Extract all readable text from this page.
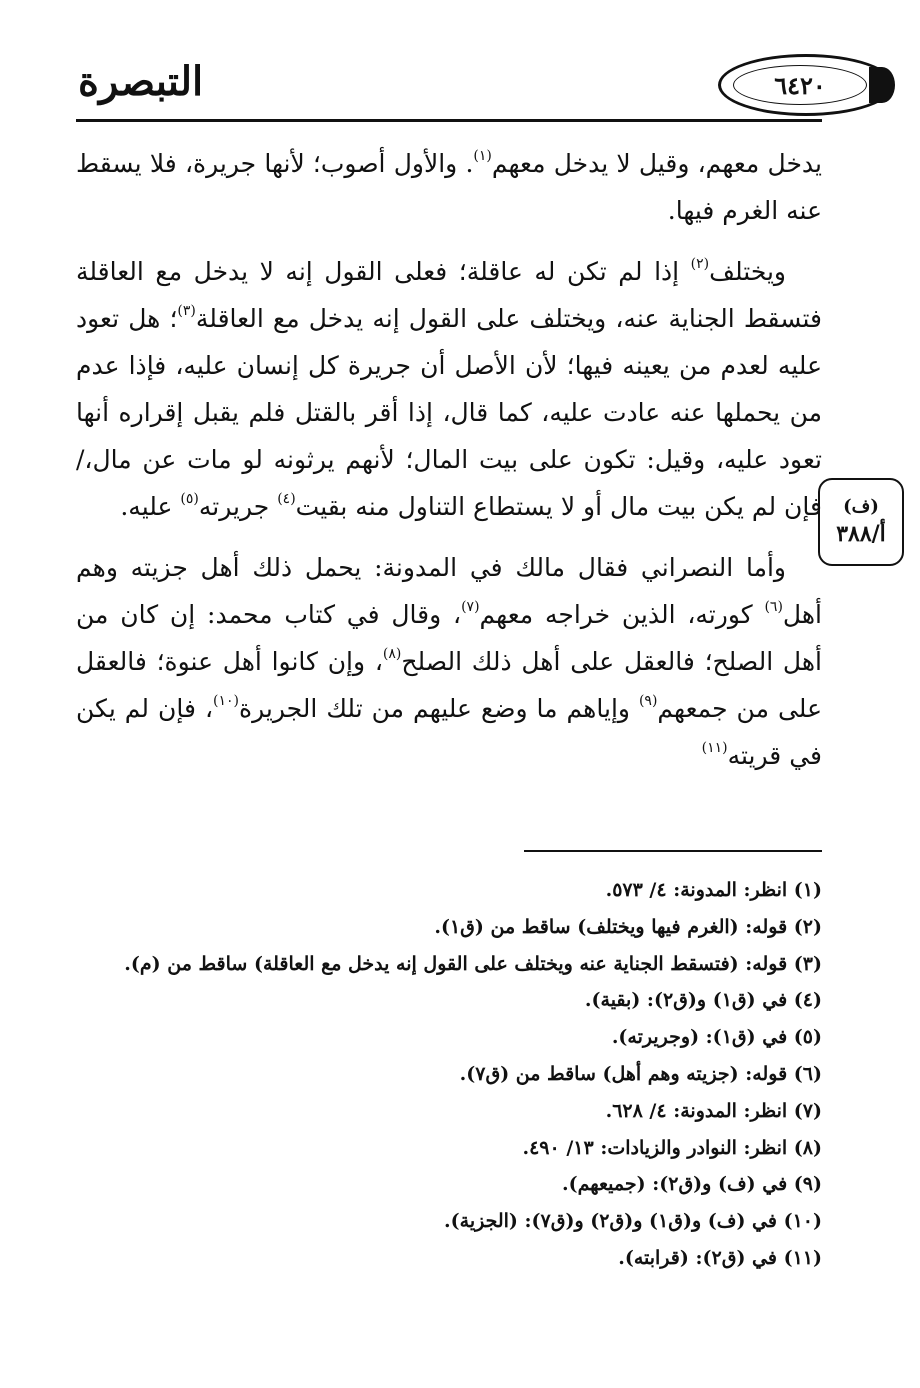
التبصرة	٦٤٢٠

يدخل معهم، وقيل لا يدخل معهم$^{(١)}$. والأول أصوب؛ لأنها جريرة، فلا يسقط عنه الغرم فيها.

ويختلف$^{(٢)}$ إذا لم تكن له عاقلة؛ فعلى القول إنه لا يدخل مع العاقلة فتسقط الجناية عنه، ويختلف على القول إنه يدخل مع العاقلة$^{(٣)}$؛ هل تعود عليه لعدم من يعينه فيها؛ لأن الأصل أن جريرة كل إنسان عليه، فإذا عدم من يحملها عنه عادت عليه، كما قال، إذا أقر بالقتل فلم يقبل إقراره أنها تعود عليه، وقيل: تكون على بيت المال؛ لأنهم يرثونه لو مات عن مال،/ فإن لم يكن بيت مال أو لا يستطاع التناول منه بقيت$^{(٤)}$ جريرته$^{(٥)}$ عليه.

وأما النصراني فقال مالك في المدونة: يحمل ذلك أهل جزيته وهم أهل$^{(٦)}$ كورته، الذين خراجه معهم$^{(٧)}$، وقال في كتاب محمد: إن كان من أهل الصلح؛ فالعقل على أهل ذلك الصلح$^{(٨)}$، وإن كانوا أهل عنوة؛ فالعقل على من جمعهم$^{(٩)}$ وإياهم ما وضع عليهم من تلك الجريرة$^{(١٠)}$، فإن لم يكن في قريته$^{(١١)}$

(ف)
أ/٣٨٨
(١) انظر: المدونة: ٤/ ٥٧٣.
(٢) قوله: (الغرم فيها ويختلف) ساقط من (ق١).
(٣) قوله: (فتسقط الجناية عنه ويختلف على القول إنه يدخل مع العاقلة) ساقط من (م).
(٤) في (ق١) و(ق٢): (بقية).
(٥) في (ق١): (وجريرته).
(٦) قوله: (جزيته وهم أهل) ساقط من (ق٧).
(٧) انظر: المدونة: ٤/ ٦٢٨.
(٨) انظر: النوادر والزيادات: ١٣/ ٤٩٠.
(٩) في (ف) و(ق٢): (جميعهم).
(١٠) في (ف) و(ق١) و(ق٢) و(ق٧): (الجزية).
(١١) في (ق٢): (قرابته).
